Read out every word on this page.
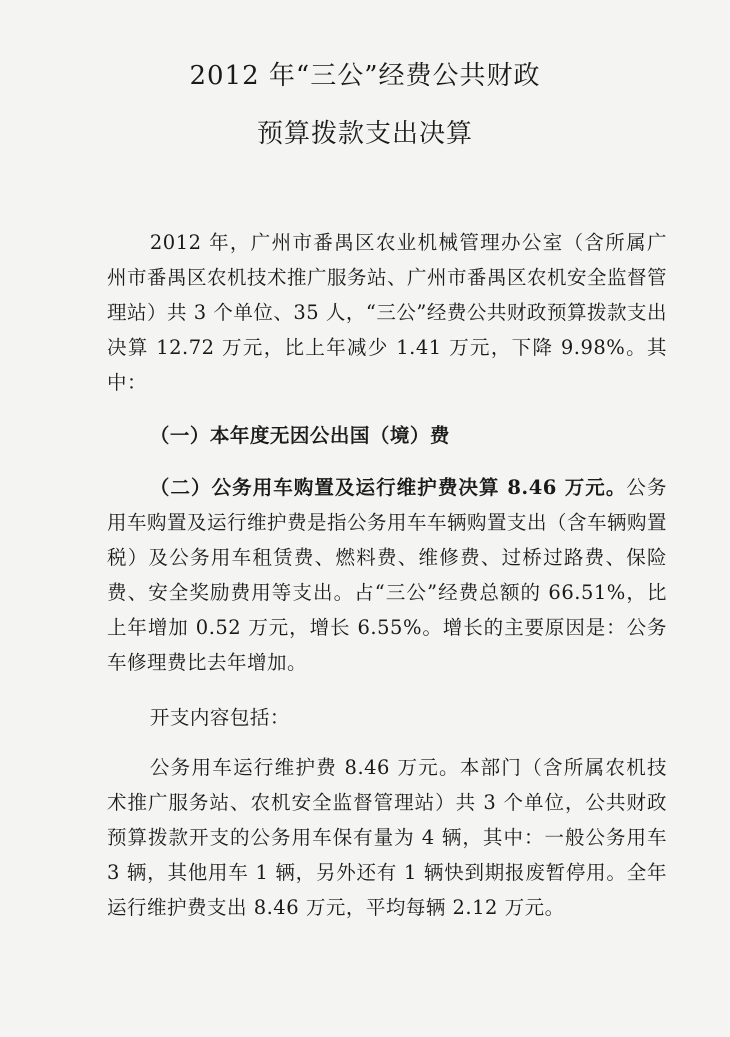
2012 年“三公”经费公共财政
预算拨款支出决算

2012 年，广州市番禺区农业机械管理办公室（含所属广州市番禺区农机技术推广服务站、广州市番禺区农机安全监督管理站）共 3 个单位、35 人，“三公”经费公共财政预算拨款支出决算 12.72 万元，比上年减少 1.41 万元，下降 9.98%。其中：

（一）本年度无因公出国（境）费

（二）公务用车购置及运行维护费决算 8.46 万元。公务用车购置及运行维护费是指公务用车车辆购置支出（含车辆购置税）及公务用车租赁费、燃料费、维修费、过桥过路费、保险费、安全奖励费用等支出。占“三公”经费总额的 66.51%，比上年增加 0.52 万元，增长 6.55%。增长的主要原因是：公务车修理费比去年增加。

开支内容包括：

公务用车运行维护费 8.46 万元。本部门（含所属农机技术推广服务站、农机安全监督管理站）共 3 个单位，公共财政预算拨款开支的公务用车保有量为 4 辆，其中：一般公务用车 3 辆，其他用车 1 辆，另外还有 1 辆快到期报废暂停用。全年运行维护费支出 8.46 万元，平均每辆 2.12 万元。
